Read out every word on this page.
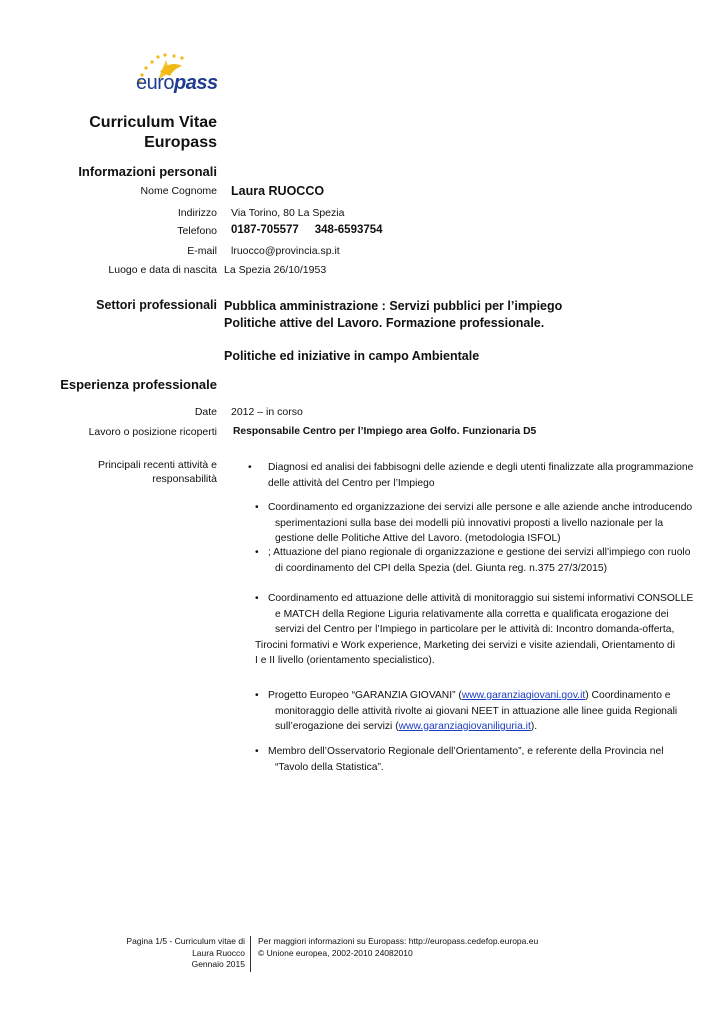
europass
Curriculum Vitae
Europass
Informazioni personali
Nome Cognome Laura RUOCCO
Indirizzo Via Torino, 80 La Spezia
Telefono 0187-705577     348-6593754
E-mail lruocco@provincia.sp.it
Luogo e data di nascita La Spezia 26/10/1953
Settori professionali Pubblica amministrazione : Servizi pubblici per l’impiego
Politiche attive del Lavoro. Formazione professionale.
Politiche ed iniziative in campo Ambientale
Esperienza professionale
Date 2012 – in corso
Lavoro o posizione ricoperti Responsabile Centro per l’Impiego area Golfo. Funzionaria D5
Principali recenti attività e
responsabilità
• Diagnosi ed analisi dei fabbisogni delle aziende e degli utenti finalizzate alla programmazione
delle attività del Centro per l’Impiego
• Coordinamento ed organizzazione dei servizi alle persone e alle aziende anche introducendo
sperimentazioni sulla base dei modelli più innovativi proposti a livello nazionale per la
gestione delle Politiche Attive del Lavoro. (metodologia ISFOL)
• ; Attuazione del piano regionale di organizzazione e gestione dei servizi all’impiego con ruolo
di coordinamento del CPI della Spezia (del. Giunta reg. n.375 27/3/2015)
• Coordinamento ed attuazione delle attività di monitoraggio sui sistemi informativi CONSOLLE
e MATCH della Regione Liguria relativamente alla corretta e qualificata erogazione dei
servizi del Centro per l’Impiego in particolare per le attività di: Incontro domanda-offerta,
Tirocini formativi e Work experience, Marketing dei servizi e visite aziendali, Orientamento di
I e II livello (orientamento specialistico).
• Progetto Europeo “GARANZIA GIOVANI” (www.garanziagiovani.gov.it) Coordinamento e
monitoraggio delle attività rivolte ai giovani NEET in attuazione alle linee guida Regionali
sull’erogazione dei servizi (www.garanziagiovaniliguria.it).
• Membro dell’Osservatorio Regionale dell’Orientamento”, e referente della Provincia nel
“Tavolo della Statistica”.
Pagina 1/5 - Curriculum vitae di
Laura Ruocco
Gennaio 2015
Per maggiori informazioni su Europass: http://europass.cedefop.europa.eu
© Unione europea, 2002-2010 24082010
